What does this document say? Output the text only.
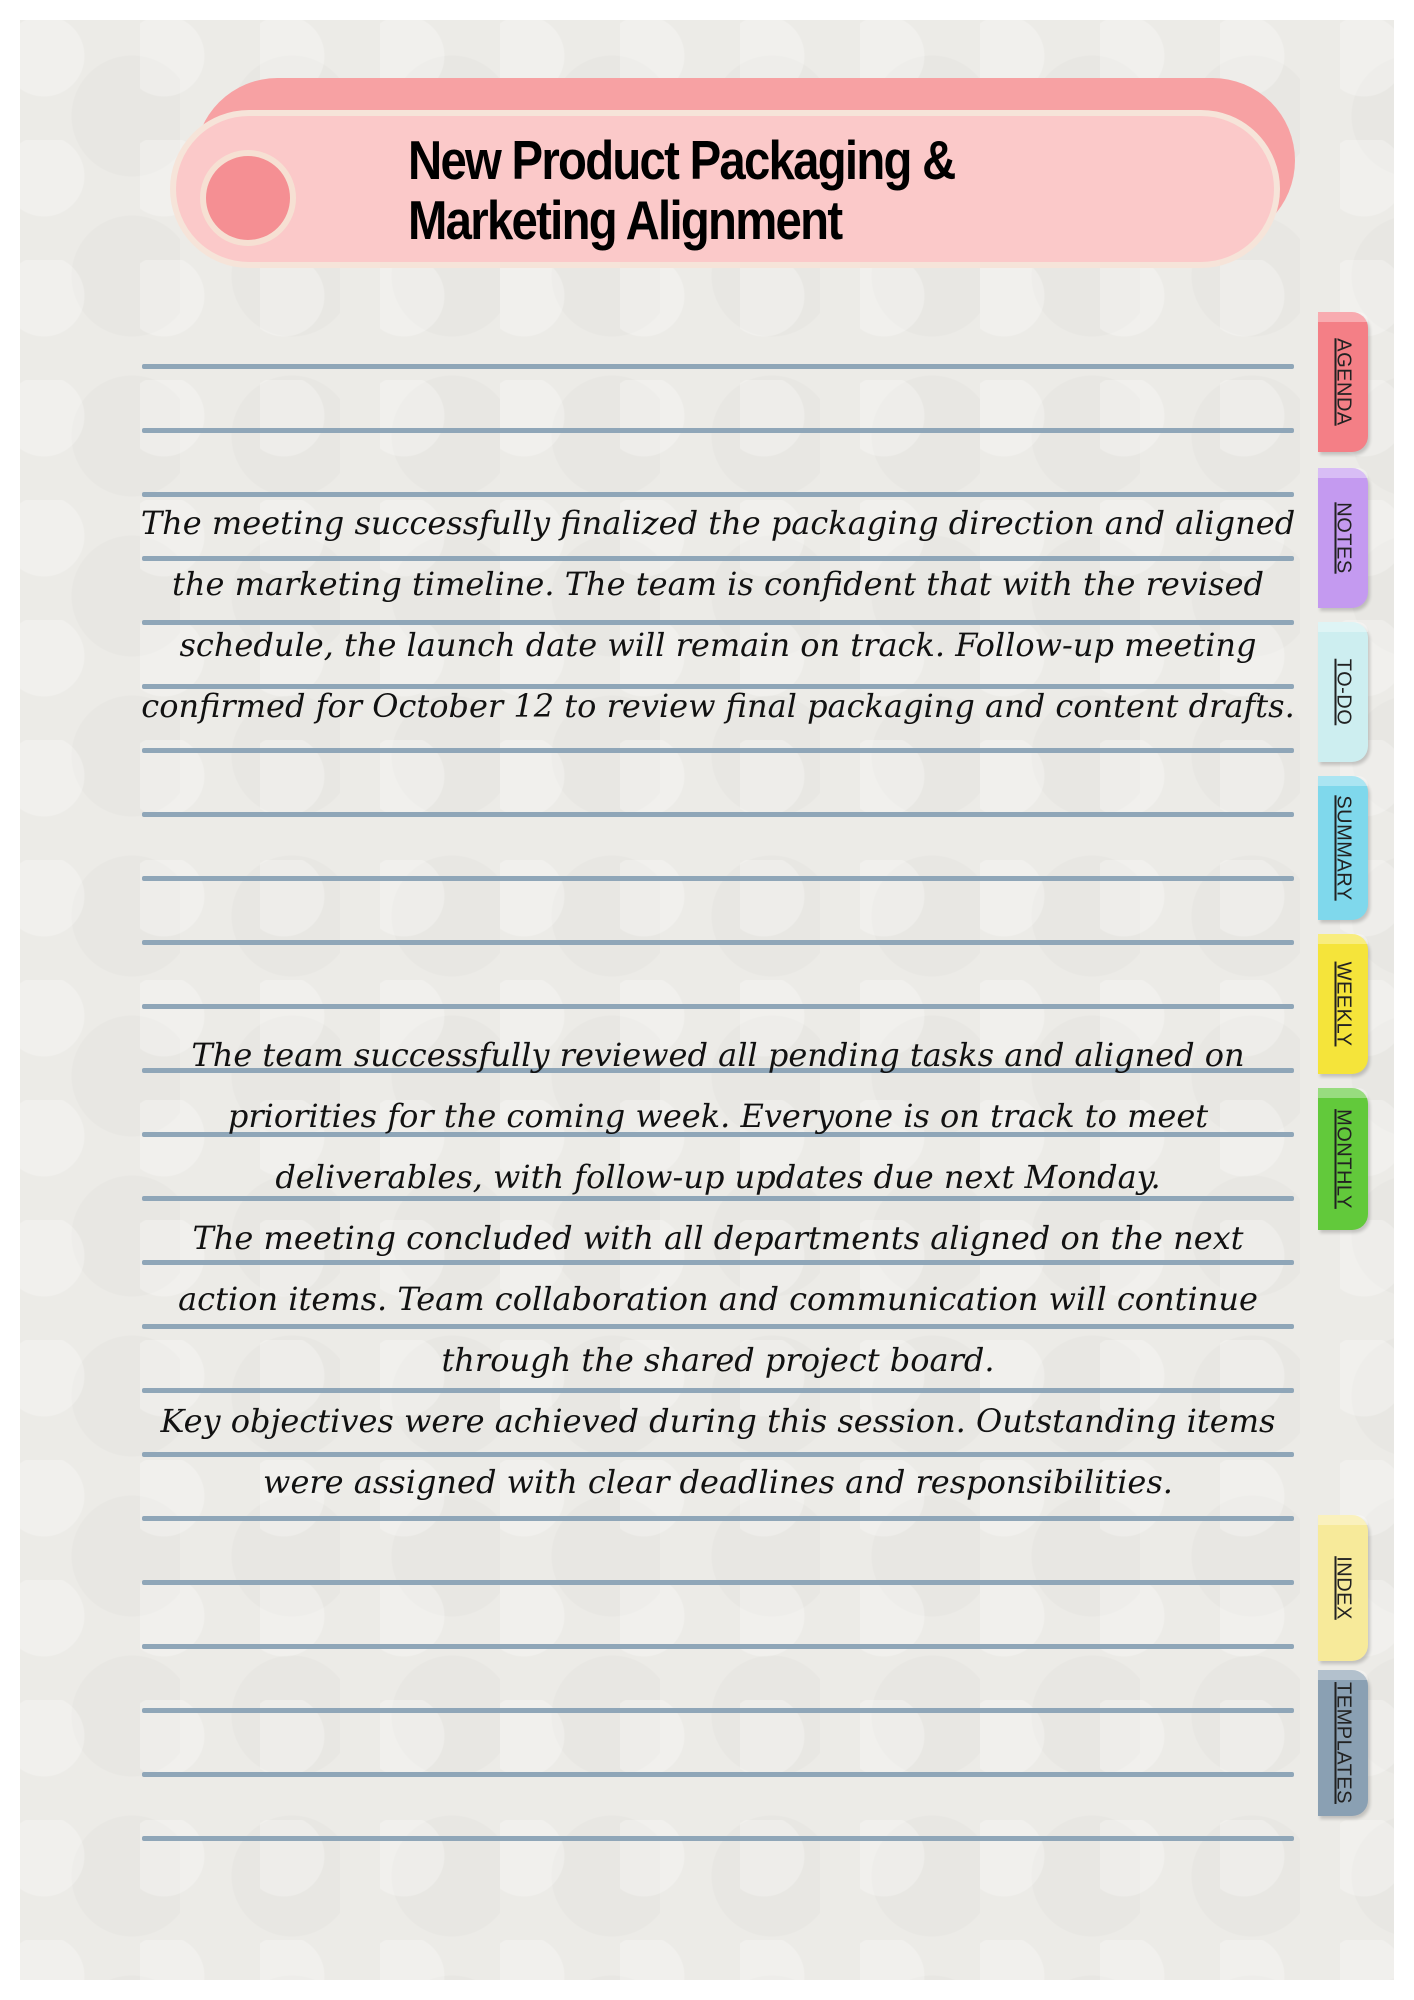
New Product Packaging &
Marketing Alignment

The meeting successfully finalized the packaging direction and aligned the marketing timeline. The team is confident that with the revised schedule, the launch date will remain on track. Follow-up meeting confirmed for October 12 to review final packaging and content drafts.

The team successfully reviewed all pending tasks and aligned on priorities for the coming week. Everyone is on track to meet deliverables, with follow-up updates due next Monday.

The meeting concluded with all departments aligned on the next action items. Team collaboration and communication will continue through the shared project board.

Key objectives were achieved during this session. Outstanding items were assigned with clear deadlines and responsibilities.

AGENDA
NOTES
TO-DO
SUMMARY
WEEKLY
MONTHLY
INDEX
TEMPLATES
